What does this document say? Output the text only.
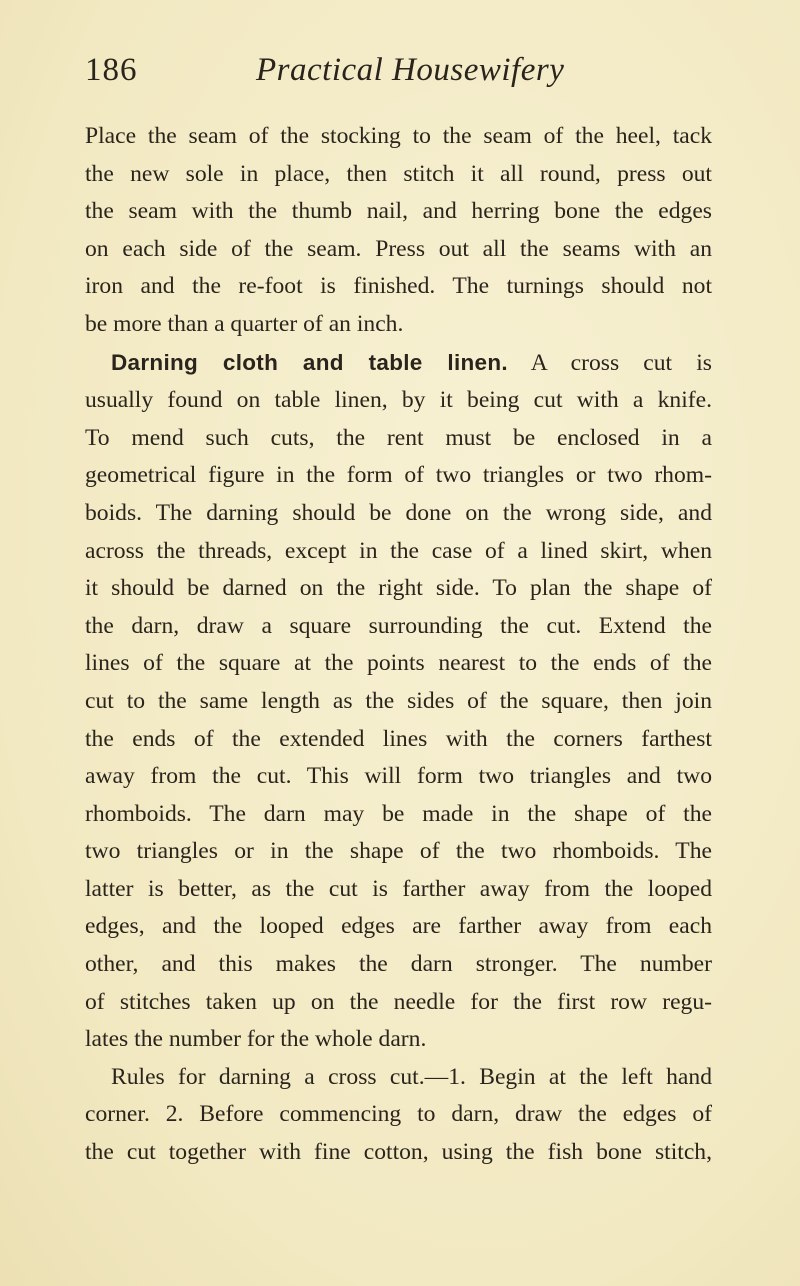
186	Practical Housewifery

Place the seam of the stocking to the seam of the heel, tack
the new sole in place, then stitch it all round, press out
the seam with the thumb nail, and herring bone the edges
on each side of the seam. Press out all the seams with an
iron and the re-foot is finished. The turnings should not
be more than a quarter of an inch.

Darning cloth and table linen. A cross cut is
usually found on table linen, by it being cut with a knife.
To mend such cuts, the rent must be enclosed in a
geometrical figure in the form of two triangles or two rhom-
boids. The darning should be done on the wrong side, and
across the threads, except in the case of a lined skirt, when
it should be darned on the right side. To plan the shape of
the darn, draw a square surrounding the cut. Extend the
lines of the square at the points nearest to the ends of the
cut to the same length as the sides of the square, then join
the ends of the extended lines with the corners farthest
away from the cut. This will form two triangles and two
rhomboids. The darn may be made in the shape of the
two triangles or in the shape of the two rhomboids. The
latter is better, as the cut is farther away from the looped
edges, and the looped edges are farther away from each
other, and this makes the darn stronger. The number
of stitches taken up on the needle for the first row regu-
lates the number for the whole darn.

Rules for darning a cross cut.—1. Begin at the left hand
corner. 2. Before commencing to darn, draw the edges of
the cut together with fine cotton, using the fish bone stitch,
